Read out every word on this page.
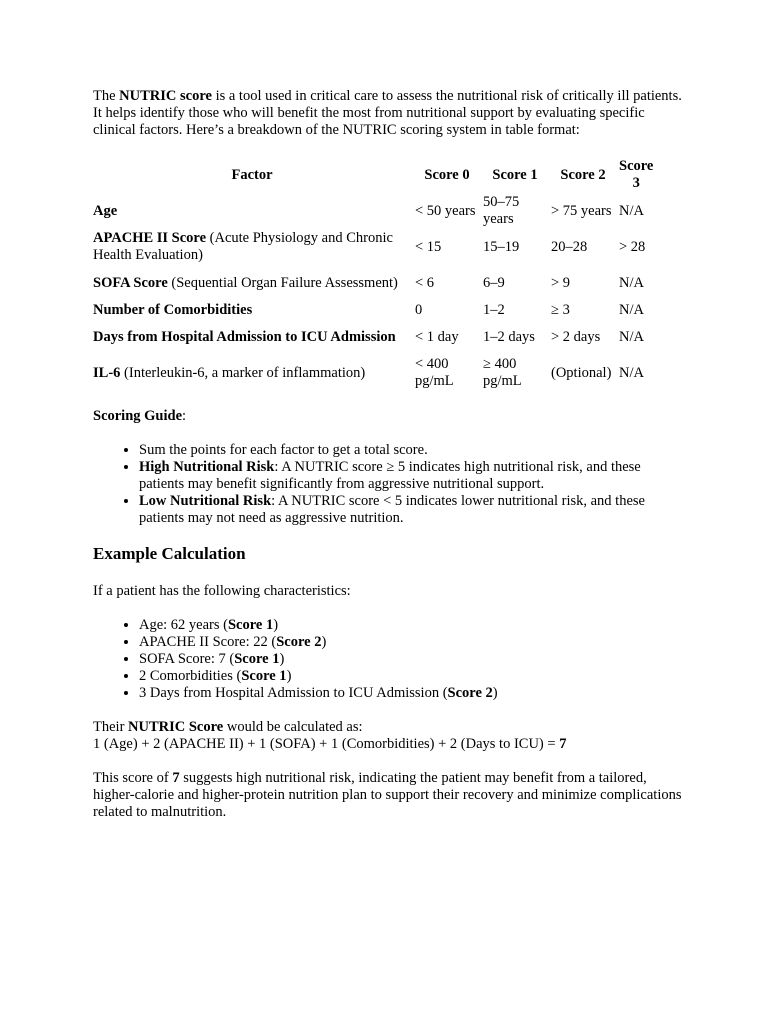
The NUTRIC score is a tool used in critical care to assess the nutritional risk of critically ill patients. It helps identify those who will benefit the most from nutritional support by evaluating specific clinical factors. Here’s a breakdown of the NUTRIC scoring system in table format:

Factor	Score 0	Score 1	Score 2	Score 3
Age	< 50 years	50–75 years	> 75 years	N/A
APACHE II Score (Acute Physiology and Chronic Health Evaluation)	< 15	15–19	20–28	> 28
SOFA Score (Sequential Organ Failure Assessment)	< 6	6–9	> 9	N/A
Number of Comorbidities	0	1–2	≥ 3	N/A
Days from Hospital Admission to ICU Admission	< 1 day	1–2 days	> 2 days	N/A
IL-6 (Interleukin-6, a marker of inflammation)	< 400 pg/mL	≥ 400 pg/mL	(Optional)	N/A

Scoring Guide:

• Sum the points for each factor to get a total score.
• High Nutritional Risk: A NUTRIC score ≥ 5 indicates high nutritional risk, and these patients may benefit significantly from aggressive nutritional support.
• Low Nutritional Risk: A NUTRIC score < 5 indicates lower nutritional risk, and these patients may not need as aggressive nutrition.
Example Calculation

If a patient has the following characteristics:

• Age: 62 years (Score 1)
• APACHE II Score: 22 (Score 2)
• SOFA Score: 7 (Score 1)
• 2 Comorbidities (Score 1)
• 3 Days from Hospital Admission to ICU Admission (Score 2)

Their NUTRIC Score would be calculated as:
1 (Age) + 2 (APACHE II) + 1 (SOFA) + 1 (Comorbidities) + 2 (Days to ICU) = 7

This score of 7 suggests high nutritional risk, indicating the patient may benefit from a tailored, higher-calorie and higher-protein nutrition plan to support their recovery and minimize complications related to malnutrition.
